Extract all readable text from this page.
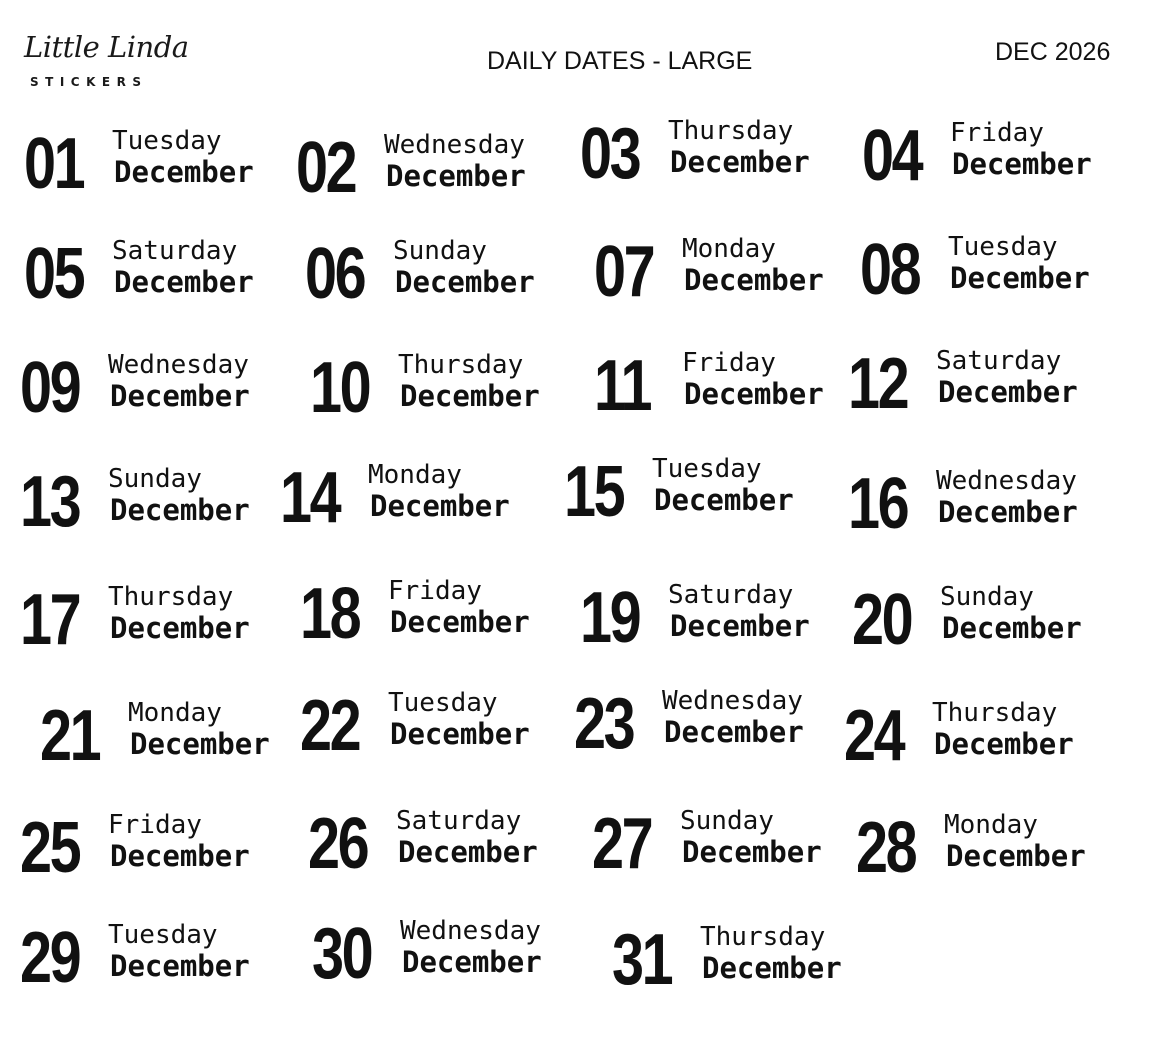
Little Linda
STICKERS
DAILY DATES - LARGE	DEC 2026
01 Tuesday
December 02 Wednesday
December 03 Thursday
December 04 Friday
December
05 Saturday
December 06 Sunday
December 07 Monday
December 08 Tuesday
December
09 Wednesday
December 10 Thursday
December 11 Friday
December 12 Saturday
December
13 Sunday
December 14 Monday
December 15 Tuesday
December 16 Wednesday
December
17 Thursday
December 18 Friday
December 19 Saturday
December 20 Sunday
December
21 Monday
December 22 Tuesday
December 23 Wednesday
December 24 Thursday
December
25 Friday
December 26 Saturday
December 27 Sunday
December 28 Monday
December
29 Tuesday
December 30 Wednesday
December 31 Thursday
December
